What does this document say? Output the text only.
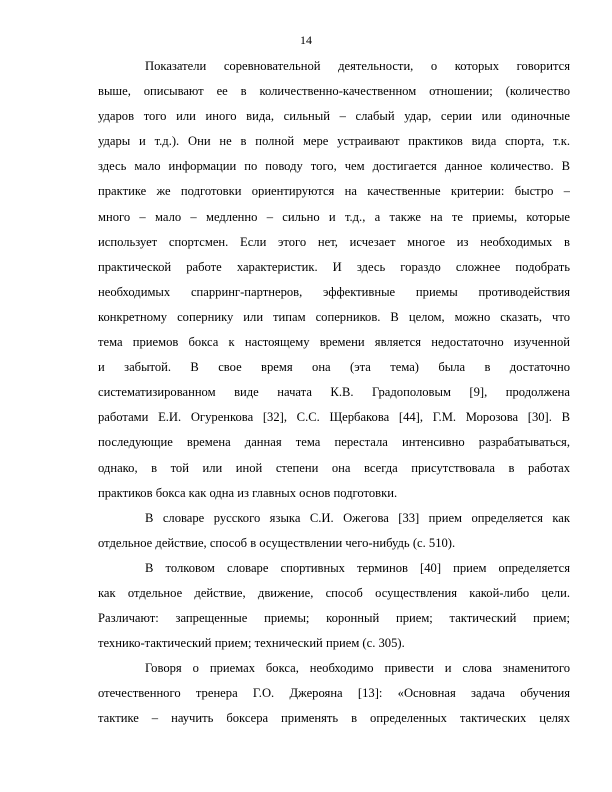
14
Показатели соревновательной деятельности, о которых говорится
выше, описывают ее в количественно-качественном отношении; (количество
ударов того или иного вида, сильный – слабый удар, серии или одиночные
удары и т.д.). Они не в полной мере устраивают практиков вида спорта, т.к.
здесь мало информации по поводу того, чем достигается данное количество. В
практике же подготовки ориентируются на качественные критерии: быстро –
много – мало – медленно – сильно и т.д., а также на те приемы, которые
использует спортсмен. Если этого нет, исчезает многое из необходимых в
практической работе характеристик. И здесь гораздо сложнее подобрать
необходимых спарринг-партнеров, эффективные приемы противодействия
конкретному сопернику или типам соперников. В целом, можно сказать, что
тема приемов бокса к настоящему времени является недостаточно изученной
и забытой. В свое время она (эта тема) была в достаточно
систематизированном виде начата К.В. Градополовым [9], продолжена
работами Е.И. Огуренкова [32], С.С. Щербакова [44], Г.М. Морозова [30]. В
последующие времена данная тема перестала интенсивно разрабатываться,
однако, в той или иной степени она всегда присутствовала в работах
практиков бокса как одна из главных основ подготовки.
В словаре русского языка С.И. Ожегова [33] прием определяется как
отдельное действие, способ в осуществлении чего-нибудь (с. 510).
В толковом словаре спортивных терминов [40] прием определяется
как отдельное действие, движение, способ осуществления какой-либо цели.
Различают: запрещенные приемы; коронный прием; тактический прием;
технико-тактический прием; технический прием (с. 305).
Говоря о приемах бокса, необходимо привести и слова знаменитого
отечественного тренера Г.О. Джерояна [13]: «Основная задача обучения
тактике – научить боксера применять в определенных тактических целях
